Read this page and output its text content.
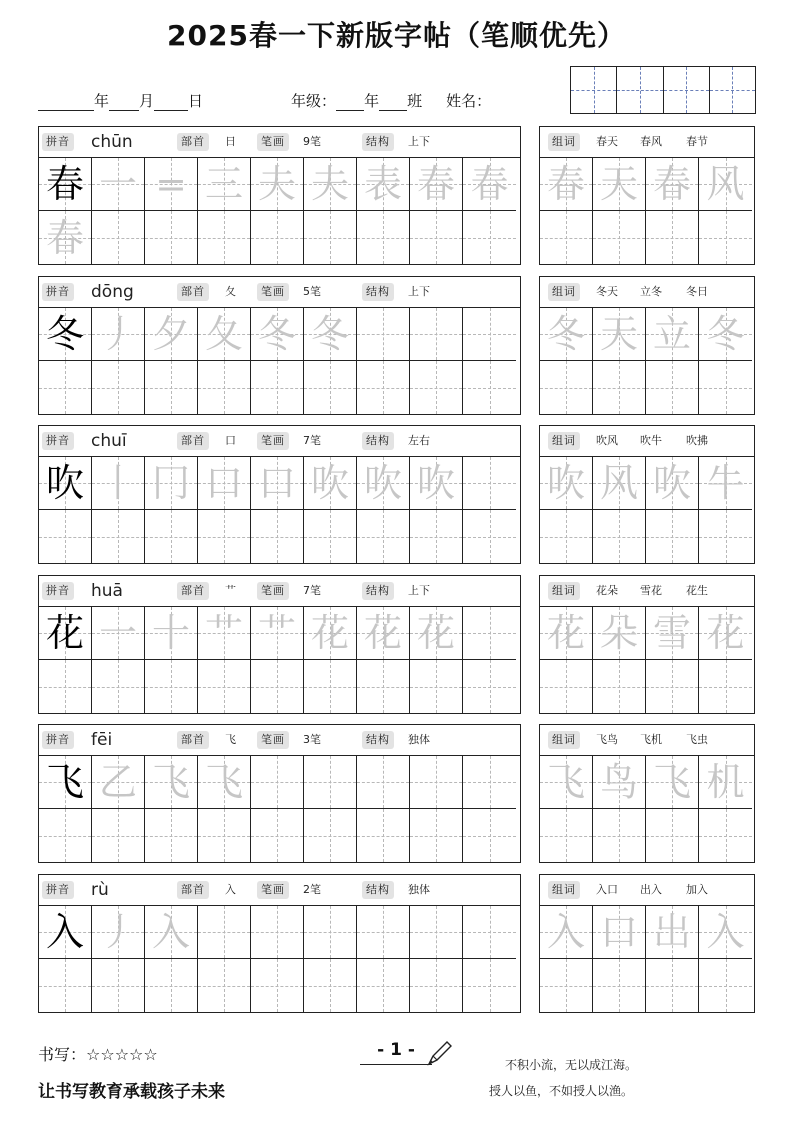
2025春一下新版字帖（笔顺优先）
年 月 日	年级： 年 班 姓名：
拼音 chūn	部首	日	笔画	9笔	结构	上下
春 一 = 三 夫 夫 表 春 春
春
组词	春天 春风 春节
春 天 春 风
拼音 dōng	部首	夂	笔画	5笔	结构	上下
冬 丿 夕 夂 冬 冬
组词	冬天 立冬 冬日
冬 天 立 冬
拼音 chuī	部首	口	笔画	7笔	结构	左右
吹 丨 冂 口 口 吹 吹 吹
组词	吹风 吹牛 吹拂
吹 风 吹 牛
拼音 huā	部首	艹	笔画	7笔	结构	上下
花 一 十 艹 艹 花 花 花
组词	花朵 雪花 花生
花 朵 雪 花
拼音 fēi	部首	飞	笔画	3笔	结构	独体
飞 乙 飞 飞
组词	飞鸟 飞机 飞虫
飞 鸟 飞 机
拼音 rù	部首	入	笔画	2笔	结构	独体
入 丿 入
组词	入口 出入 加入
入 口 出 入
书写：☆☆☆☆☆
让书写教育承载孩子未来
- 1 -
不积小流，无以成江海。
授人以鱼，不如授人以渔。
